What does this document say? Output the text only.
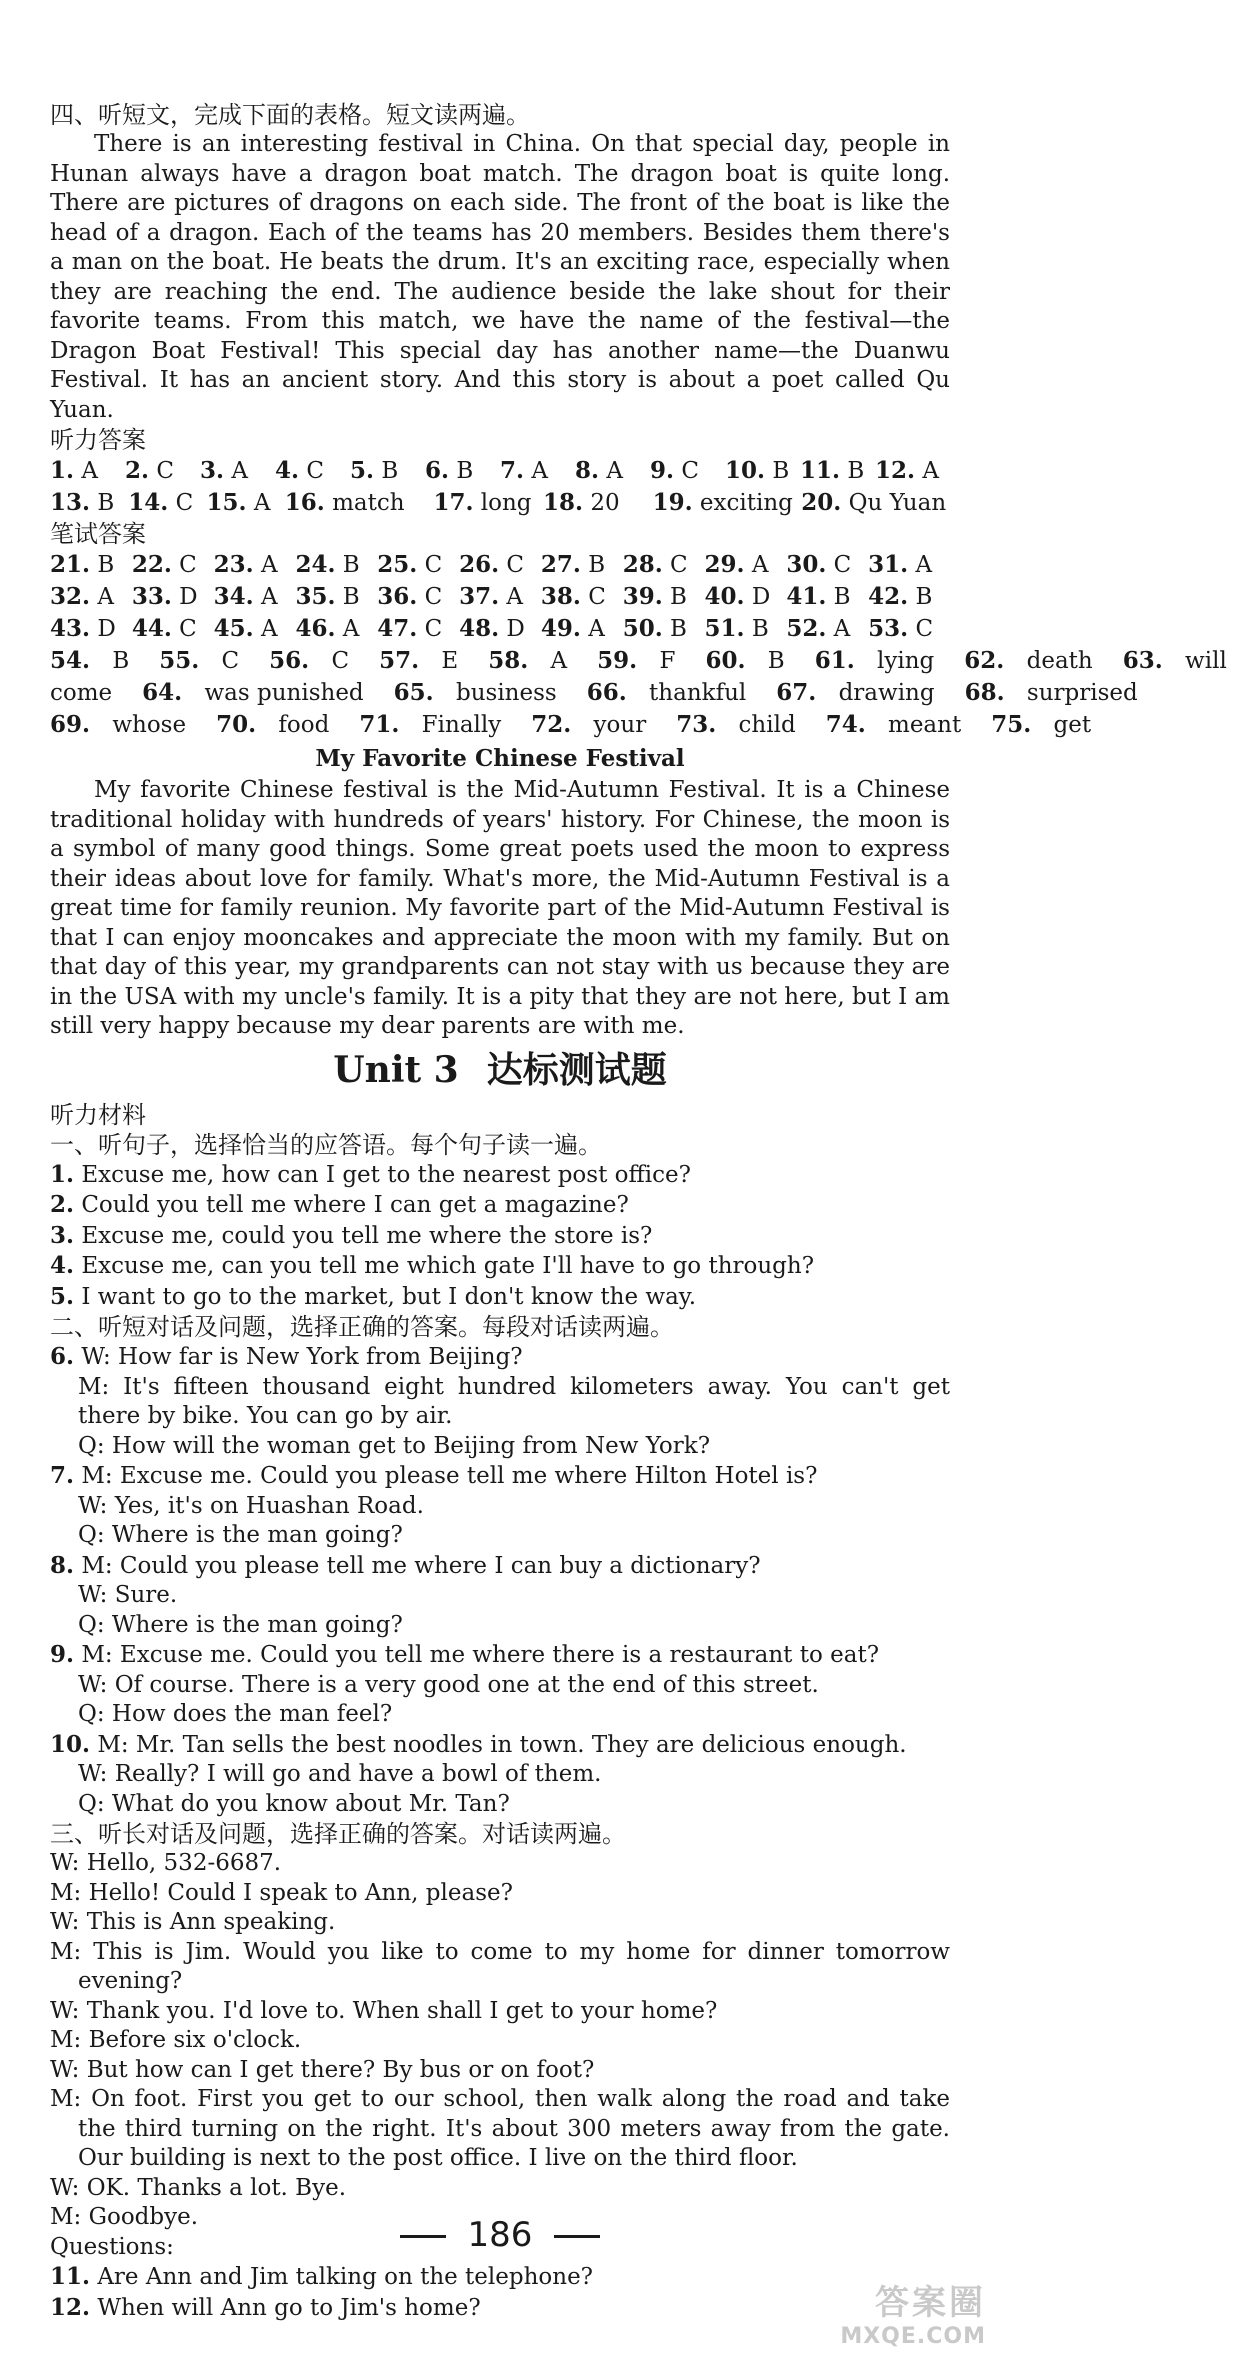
四、听短文，完成下面的表格。短文读两遍。

There is an interesting festival in China. On that special day, people in Hunan always have a dragon boat match. The dragon boat is quite long. There are pictures of dragons on each side. The front of the boat is like the head of a dragon. Each of the teams has 20 members. Besides them there's a man on the boat. He beats the drum. It's an exciting race, especially when they are reaching the end. The audience beside the lake shout for their favorite teams. From this match, we have the name of the festival—the Dragon Boat Festival! This special day has another name—the Duanwu Festival. It has an ancient story. And this story is about a poet called Qu Yuan.

听力答案

1. A	2. C	3. A	4. C	5. B	6. B	7. A	8. A	9. C	10. B 11. B 12. A
13. B 14. C 15. A 16. match	17. long 18. 20	19. exciting 20. Qu Yuan

笔试答案

21. B 22. C 23. A 24. B 25. C 26. C 27. B 28. C 29. A 30. C 31. A
32. A 33. D 34. A 35. B 36. C 37. A 38. C 39. B 40. D 41. B 42. B
43. D 44. C 45. A 46. A 47. C 48. D 49. A 50. B 51. B 52. A 53. C
54. B 55. C 56. C 57. E 58. A 59. F 60. B 61. lying 62. death 63. will
come 64. was punished 65. business 66. thankful 67. drawing 68. surprised
69. whose 70. food 71. Finally 72. your 73. child 74. meant 75. get
My Favorite Chinese Festival

My favorite Chinese festival is the Mid-Autumn Festival. It is a Chinese traditional holiday with hundreds of years' history. For Chinese, the moon is a symbol of many good things. Some great poets used the moon to express their ideas about love for family. What's more, the Mid-Autumn Festival is a great time for family reunion. My favorite part of the Mid-Autumn Festival is that I can enjoy mooncakes and appreciate the moon with my family. But on that day of this year, my grandparents can not stay with us because they are in the USA with my uncle's family. It is a pity that they are not here, but I am still very happy because my dear parents are with me.

Unit 3 达标测试题

听力材料

一、听句子，选择恰当的应答语。每个句子读一遍。

1. Excuse me, how can I get to the nearest post office?

2. Could you tell me where I can get a magazine?

3. Excuse me, could you tell me where the store is?

4. Excuse me, can you tell me which gate I'll have to go through?

5. I want to go to the market, but I don't know the way.

二、听短对话及问题，选择正确的答案。每段对话读两遍。

6. W: How far is New York from Beijing?

M: It's fifteen thousand eight hundred kilometers away. You can't get there by bike. You can go by air.

Q: How will the woman get to Beijing from New York?

7. M: Excuse me. Could you please tell me where Hilton Hotel is?

W: Yes, it's on Huashan Road.

Q: Where is the man going?

8. M: Could you please tell me where I can buy a dictionary?

W: Sure.

Q: Where is the man going?

9. M: Excuse me. Could you tell me where there is a restaurant to eat?

W: Of course. There is a very good one at the end of this street.

Q: How does the man feel?

10. M: Mr. Tan sells the best noodles in town. They are delicious enough.

W: Really? I will go and have a bowl of them.

Q: What do you know about Mr. Tan?

三、听长对话及问题，选择正确的答案。对话读两遍。

W: Hello, 532-6687.

M: Hello! Could I speak to Ann, please?

W: This is Ann speaking.

M: This is Jim. Would you like to come to my home for dinner tomorrow evening?

W: Thank you. I'd love to. When shall I get to your home?

M: Before six o'clock.

W: But how can I get there? By bus or on foot?

M: On foot. First you get to our school, then walk along the road and take the third turning on the right. It's about 300 meters away from the gate. Our building is next to the post office. I live on the third floor.

W: OK. Thanks a lot. Bye.

M: Goodbye.

Questions:

11. Are Ann and Jim talking on the telephone?

12. When will Ann go to Jim's home?

186
答案圈
MXQE.COM
